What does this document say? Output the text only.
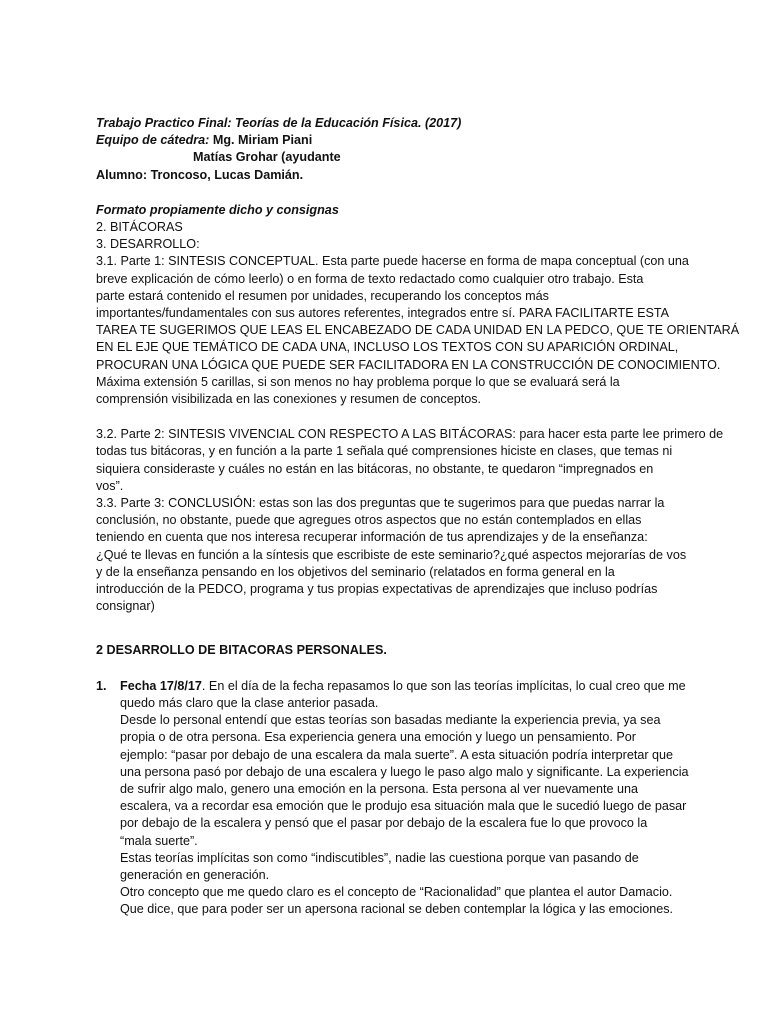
Trabajo Practico Final: Teorías de la Educación Física. (2017)
Equipo de cátedra: Mg. Miriam Piani
Matías Grohar (ayudante
Alumno: Troncoso, Lucas Damián.
Formato propiamente dicho y consignas
2. BITÁCORAS
3. DESARROLLO:
3.1. Parte 1: SINTESIS CONCEPTUAL. Esta parte puede hacerse en forma de mapa conceptual (con una
breve explicación de cómo leerlo) o en forma de texto redactado como cualquier otro trabajo. Esta
parte estará contenido el resumen por unidades, recuperando los conceptos más
importantes/fundamentales con sus autores referentes, integrados entre sí. PARA FACILITARTE ESTA
TAREA TE SUGERIMOS QUE LEAS EL ENCABEZADO DE CADA UNIDAD EN LA PEDCO, QUE TE ORIENTARÁ
EN EL EJE QUE TEMÁTICO DE CADA UNA, INCLUSO LOS TEXTOS CON SU APARICIÓN ORDINAL,
PROCURAN UNA LÓGICA QUE PUEDE SER FACILITADORA EN LA CONSTRUCCIÓN DE CONOCIMIENTO.
Máxima extensión 5 carillas, si son menos no hay problema porque lo que se evaluará será la
comprensión visibilizada en las conexiones y resumen de conceptos.
3.2. Parte 2: SINTESIS VIVENCIAL CON RESPECTO A LAS BITÁCORAS: para hacer esta parte lee primero de
todas tus bitácoras, y en función a la parte 1 señala qué comprensiones hiciste en clases, que temas ni
siquiera consideraste y cuáles no están en las bitácoras, no obstante, te quedaron “impregnados en
vos”.
3.3. Parte 3: CONCLUSIÓN: estas son las dos preguntas que te sugerimos para que puedas narrar la
conclusión, no obstante, puede que agregues otros aspectos que no están contemplados en ellas
teniendo en cuenta que nos interesa recuperar información de tus aprendizajes y de la enseñanza:
¿Qué te llevas en función a la síntesis que escribiste de este seminario?¿qué aspectos mejorarías de vos
y de la enseñanza pensando en los objetivos del seminario (relatados en forma general en la
introducción de la PEDCO, programa y tus propias expectativas de aprendizajes que incluso podrías
consignar)
2 DESARROLLO DE BITACORAS PERSONALES.
1. Fecha 17/8/17. En el día de la fecha repasamos lo que son las teorías implícitas, lo cual creo que me
quedo más claro que la clase anterior pasada.
Desde lo personal entendí que estas teorías son basadas mediante la experiencia previa, ya sea
propia o de otra persona. Esa experiencia genera una emoción y luego un pensamiento. Por
ejemplo: “pasar por debajo de una escalera da mala suerte”. A esta situación podría interpretar que
una persona pasó por debajo de una escalera y luego le paso algo malo y significante. La experiencia
de sufrir algo malo, genero una emoción en la persona. Esta persona al ver nuevamente una
escalera, va a recordar esa emoción que le produjo esa situación mala que le sucedió luego de pasar
por debajo de la escalera y pensó que el pasar por debajo de la escalera fue lo que provoco la
“mala suerte”.
Estas teorías implícitas son como “indiscutibles”, nadie las cuestiona porque van pasando de
generación en generación.
Otro concepto que me quedo claro es el concepto de “Racionalidad” que plantea el autor Damacio.
Que dice, que para poder ser un apersona racional se deben contemplar la lógica y las emociones.
